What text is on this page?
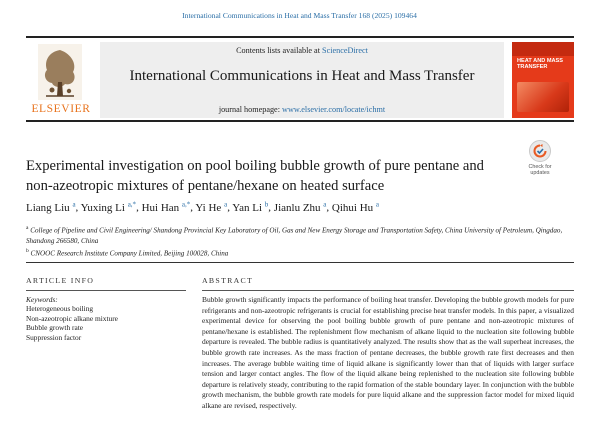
International Communications in Heat and Mass Transfer 168 (2025) 109464
ELSEVIER
Contents lists available at ScienceDirect
International Communications in Heat and Mass Transfer
journal homepage: www.elsevier.com/locate/ichmt
HEAT AND MASS TRANSFER
Experimental investigation on pool boiling bubble growth of pure pentane and non-azeotropic mixtures of pentane/hexane on heated surface
Check for updates
Liang Liu $^a$, Yuxing Li $^{a,*}$, Hui Han $^{a,*}$, Yi He $^a$, Yan Li $^b$, Jianlu Zhu $^a$, Qihui Hu $^a$
$^a$ College of Pipeline and Civil Engineering/ Shandong Provincial Key Laboratory of Oil, Gas and New Energy Storage and Transportation Safety, China University of Petroleum, Qingdao, Shandong 266580, China
$^b$ CNOOC Research Institute Company Limited, Beijing 100028, China
ARTICLE INFO	ABSTRACT
Keywords:
Heterogeneous boiling
Non-azeotropic alkane mixture
Bubble growth rate
Suppression factor
Bubble growth significantly impacts the performance of boiling heat transfer. Developing the bubble growth models for pure refrigerants and non-azeotropic refrigerants is crucial for establishing precise heat transfer models. In this paper, a visualized experimental device for observing the pool boiling bubble growth of pure pentane and non-azeotropic mixtures of pentane/hexane is established. The replenishment flow mechanism of alkane liquid to the nucleation site following bubble departure is revealed. The bubble radius is quantitatively analyzed. The results show that as the wall superheat increases, the bubble growth rate increases. As the mass fraction of pentane decreases, the bubble growth rate first decreases and then increases. The average bubble waiting time of liquid alkane is significantly lower than that of liquids with larger surface tension and larger contact angles. The flow of the liquid alkane being replenished to the nucleation site following bubble departure is relatively steady, contributing to the rapid formation of the stable boundary layer. In conjunction with the bubble growth mechanism, the bubble growth rate models for pure liquid alkane and the suppression factor model for mixed liquid alkane are revised, respectively.
